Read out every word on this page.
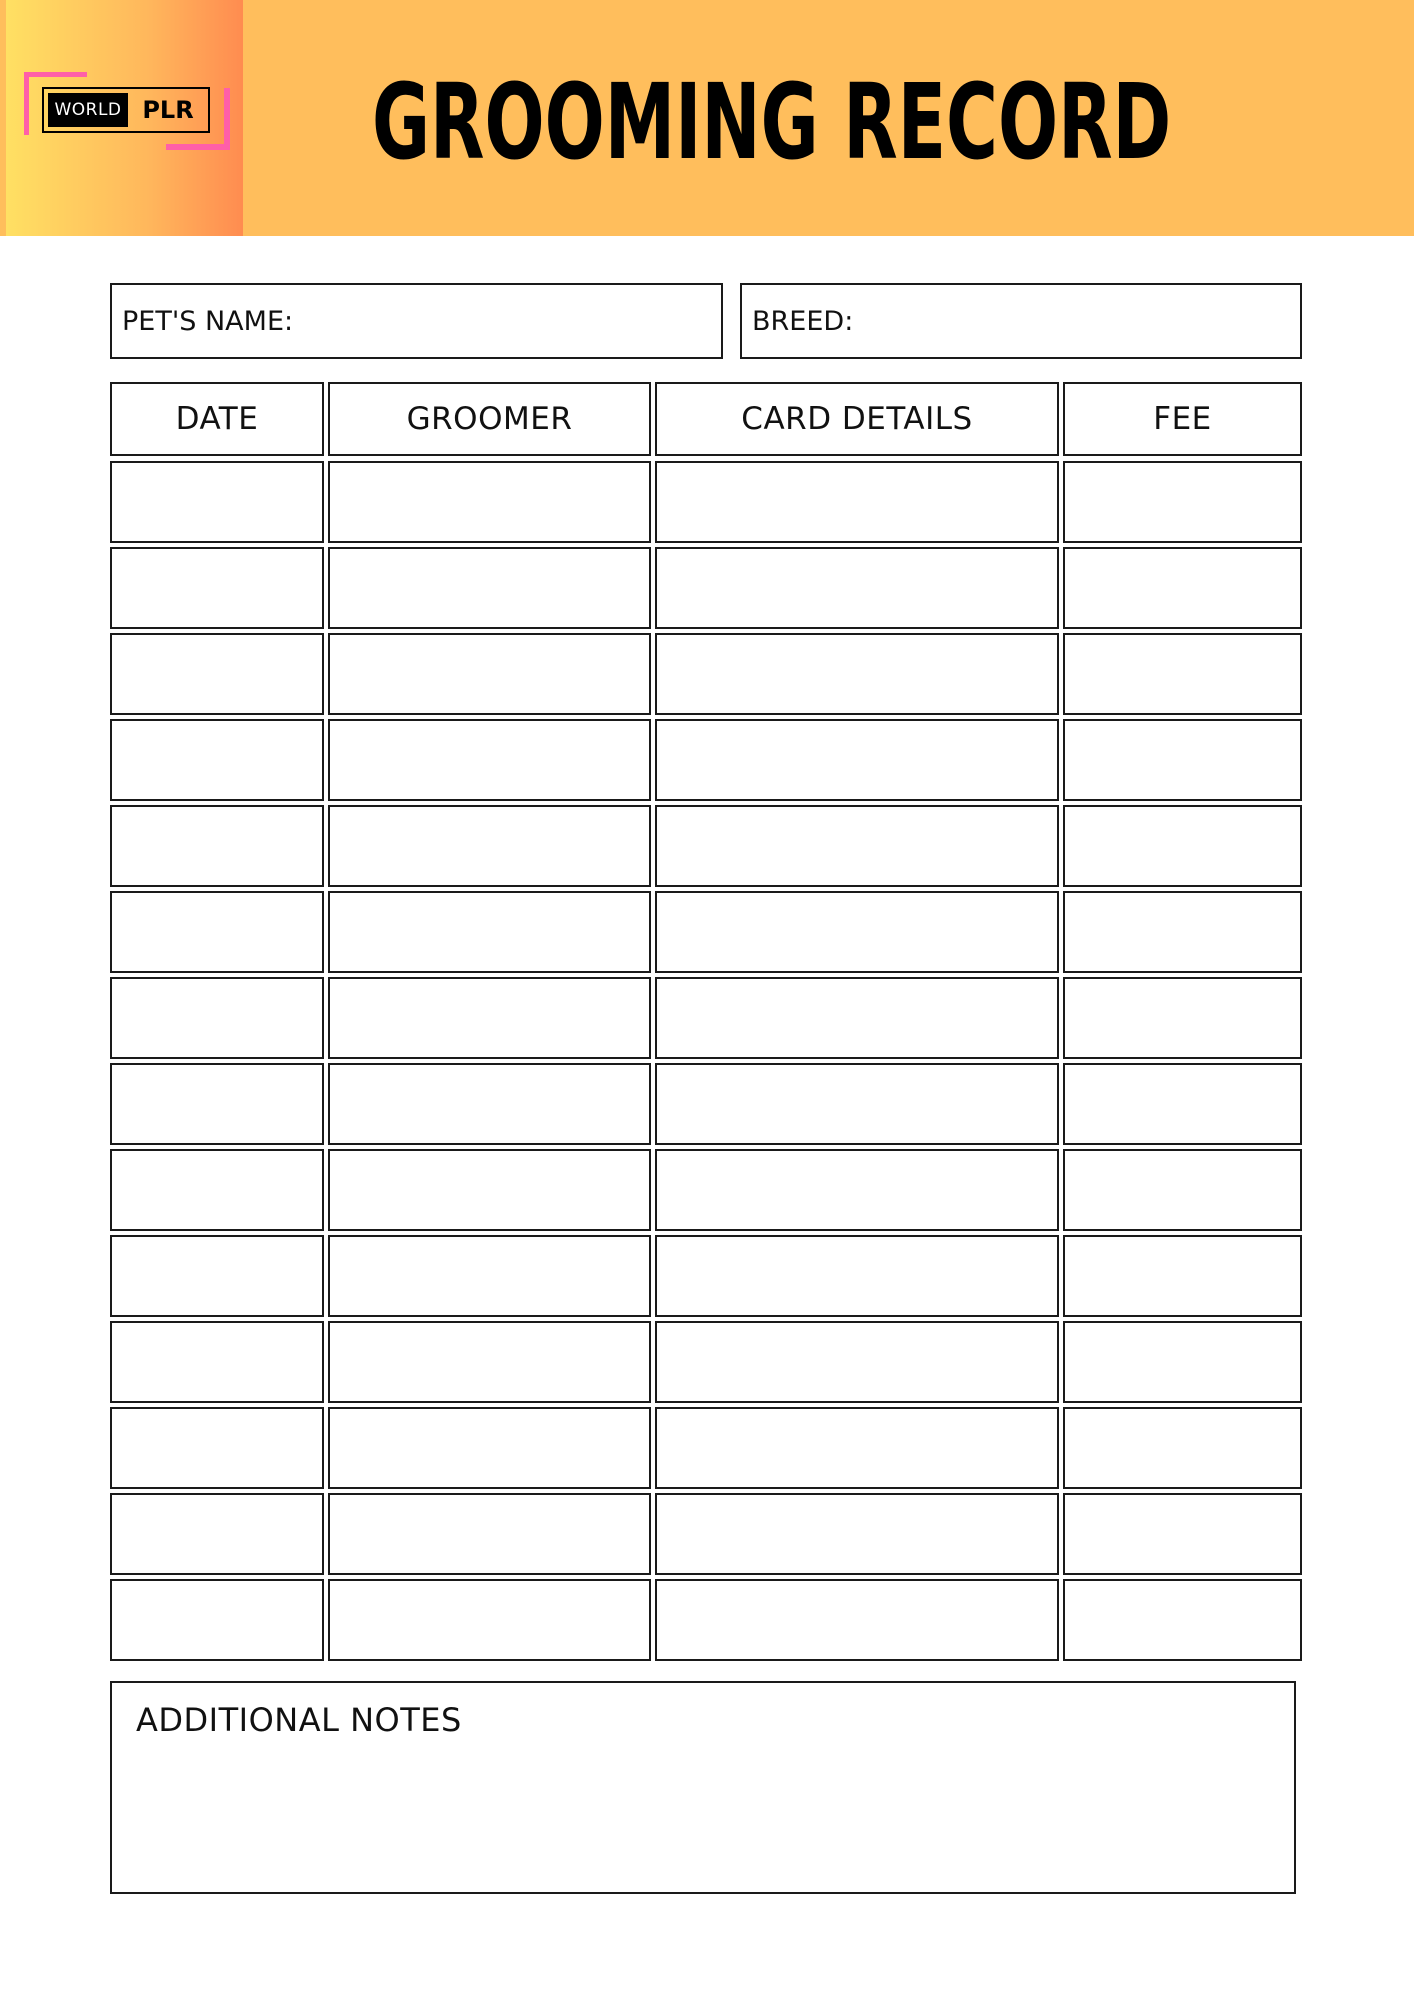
WORLD PLR GROOMING RECORD
PET'S NAME:	BREED:
DATE	GROOMER	CARD DETAILS	FEE
ADDITIONAL NOTES
